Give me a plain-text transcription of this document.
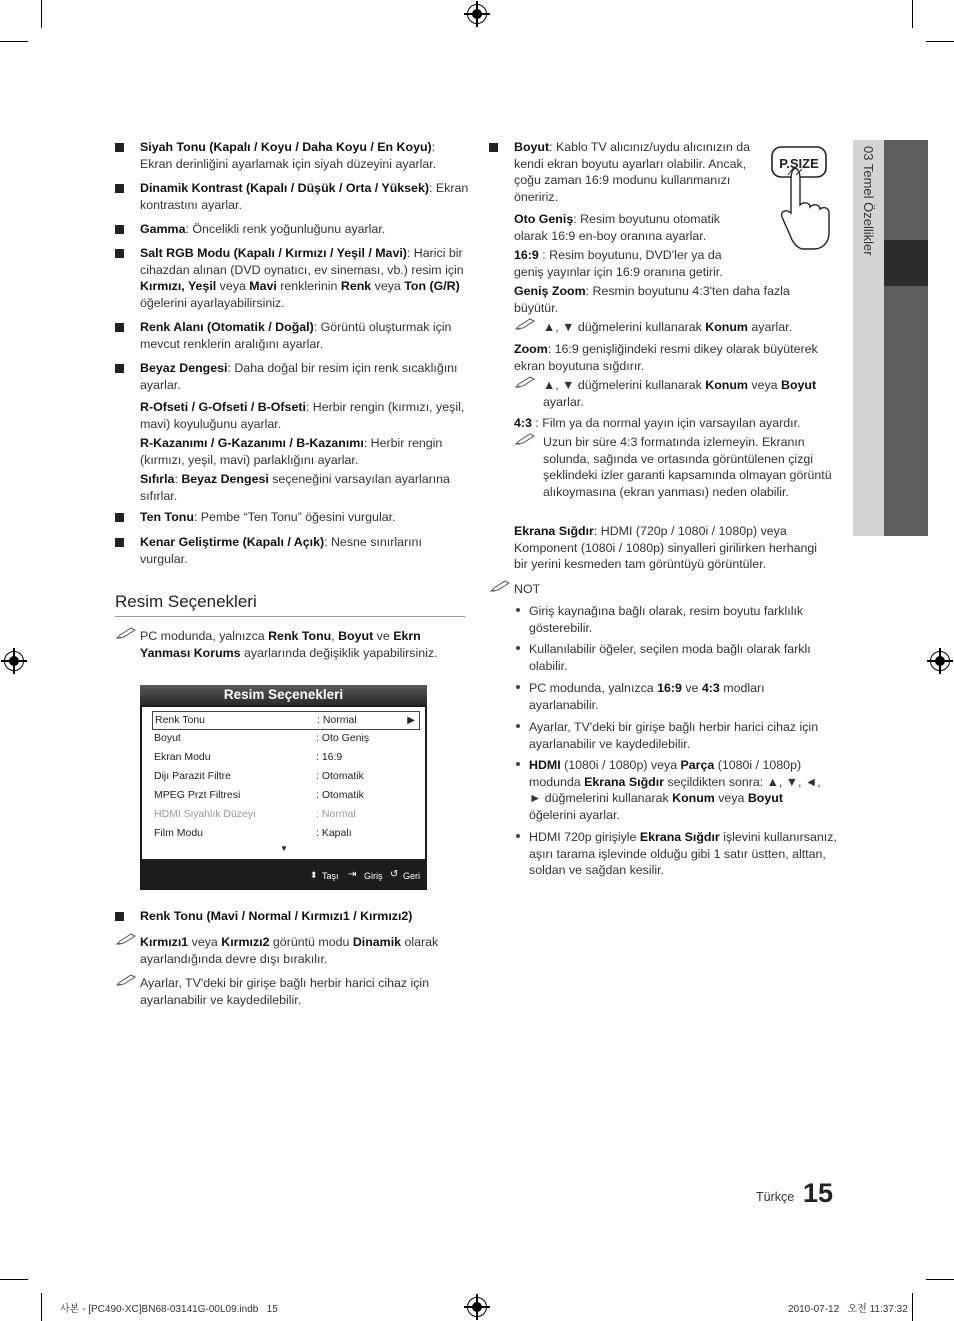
Siyah Tonu (Kapalı / Koyu / Daha Koyu / En Koyu): Ekran derinliğini ayarlamak için siyah düzeyini ayarlar.
Dinamik Kontrast (Kapalı / Düşük / Orta / Yüksek): Ekran kontrastını ayarlar.
Gamma: Öncelikli renk yoğunluğunu ayarlar.
Salt RGB Modu (Kapalı / Kırmızı / Yeşil / Mavi): Harici bir cihazdan alınan (DVD oynatıcı, ev sineması, vb.) resim için Kırmızı, Yeşil veya Mavi renklerinin Renk veya Ton (G/R) öğelerini ayarlayabilirsiniz.
Renk Alanı (Otomatik / Doğal): Görüntü oluşturmak için mevcut renklerin aralığını ayarlar.
Beyaz Dengesi: Daha doğal bir resim için renk sıcaklığını ayarlar.
R-Ofseti / G-Ofseti / B-Ofseti: Herbir rengin (kırmızı, yeşil, mavi) koyuluğunu ayarlar.
R-Kazanımı / G-Kazanımı / B-Kazanımı: Herbir rengin (kırmızı, yeşil, mavi) parlaklığını ayarlar.
Sıfırla: Beyaz Dengesi seçeneğini varsayılan ayarlarına sıfırlar.
Ten Tonu: Pembe “Ten Tonu” öğesini vurgular.
Kenar Geliştirme (Kapalı / Açık): Nesne sınırlarını vurgular.
Resim Seçenekleri
PC modunda, yalnızca Renk Tonu, Boyut ve Ekrn Yanması Korums ayarlarında değişiklik yapabilirsiniz.
Resim Seçenekleri
Renk Tonu	: Normal	▶
Boyut	: Oto Geniş
Ekran Modu	: 16:9
Dijı Parazit Filtre	: Otomatik
MPEG Przt Filtresi	: Otomatik
HDMI Siyahlık Düzeyi	: Normal
Film Modu	: Kapalı
▼
⬍ Taşı ⇥ Giriş ↺ Geri
Renk Tonu (Mavi / Normal / Kırmızı1 / Kırmızı2)
Kırmızı1 veya Kırmızı2 görüntü modu Dinamik olarak ayarlandığında devre dışı bırakılır.
Ayarlar, TV'deki bir girişe bağlı herbir harici cihaz için ayarlanabilir ve kaydedilebilir.
Boyut: Kablo TV alıcınız/uydu alıcınızın da kendi ekran boyutu ayarları olabilir. Ancak, çoğu zaman 16:9 modunu kullanmanızı öneririz.
P.SIZE
Oto Geniş: Resim boyutunu otomatik olarak 16:9 en-boy oranına ayarlar.
16:9 : Resim boyutunu, DVD'ler ya da geniş yayınlar için 16:9 oranına getirir.
Geniş Zoom: Resmin boyutunu 4:3'ten daha fazla büyütür.
▲, ▼ düğmelerini kullanarak Konum ayarlar.
Zoom: 16:9 genişliğindeki resmi dikey olarak büyüterek ekran boyutuna sığdırır.
▲, ▼ düğmelerini kullanarak Konum veya Boyut ayarlar.
4:3 : Film ya da normal yayın için varsayılan ayardır.
Uzun bir süre 4:3 formatında izlemeyin. Ekranın solunda, sağında ve ortasında görüntülenen çizgi şeklindeki izler garanti kapsamında olmayan görüntü alıkoymasına (ekran yanması) neden olabilir.
Ekrana Sığdır: HDMI (720p / 1080i / 1080p) veya Komponent (1080i / 1080p) sinyalleri girilirken herhangi bir yerini kesmeden tam görüntüyü görüntüler.
NOT
Giriş kaynağına bağlı olarak, resim boyutu farklılık gösterebilir.
Kullanılabilir öğeler, seçilen moda bağlı olarak farklı olabilir.
PC modunda, yalnızca 16:9 ve 4:3 modları ayarlanabilir.
Ayarlar, TV'deki bir girişe bağlı herbir harici cihaz için ayarlanabilir ve kaydedilebilir.
HDMI (1080i / 1080p) veya Parça (1080i / 1080p) modunda Ekrana Sığdır seçildikten sonra: ▲, ▼, ◄, ► düğmelerini kullanarak Konum veya Boyut öğelerini ayarlar.
HDMI 720p girişiyle Ekrana Sığdır işlevini kullanırsanız, aşırı tarama işlevinde olduğu gibi 1 satır üstten, alttan, soldan ve sağdan kesilir.
03 Temel Özellikler
Türkçe 15
사본 - [PC490-XC]BN68-03141G-00L09.indb   15	2010-07-12   오전 11:37:32
